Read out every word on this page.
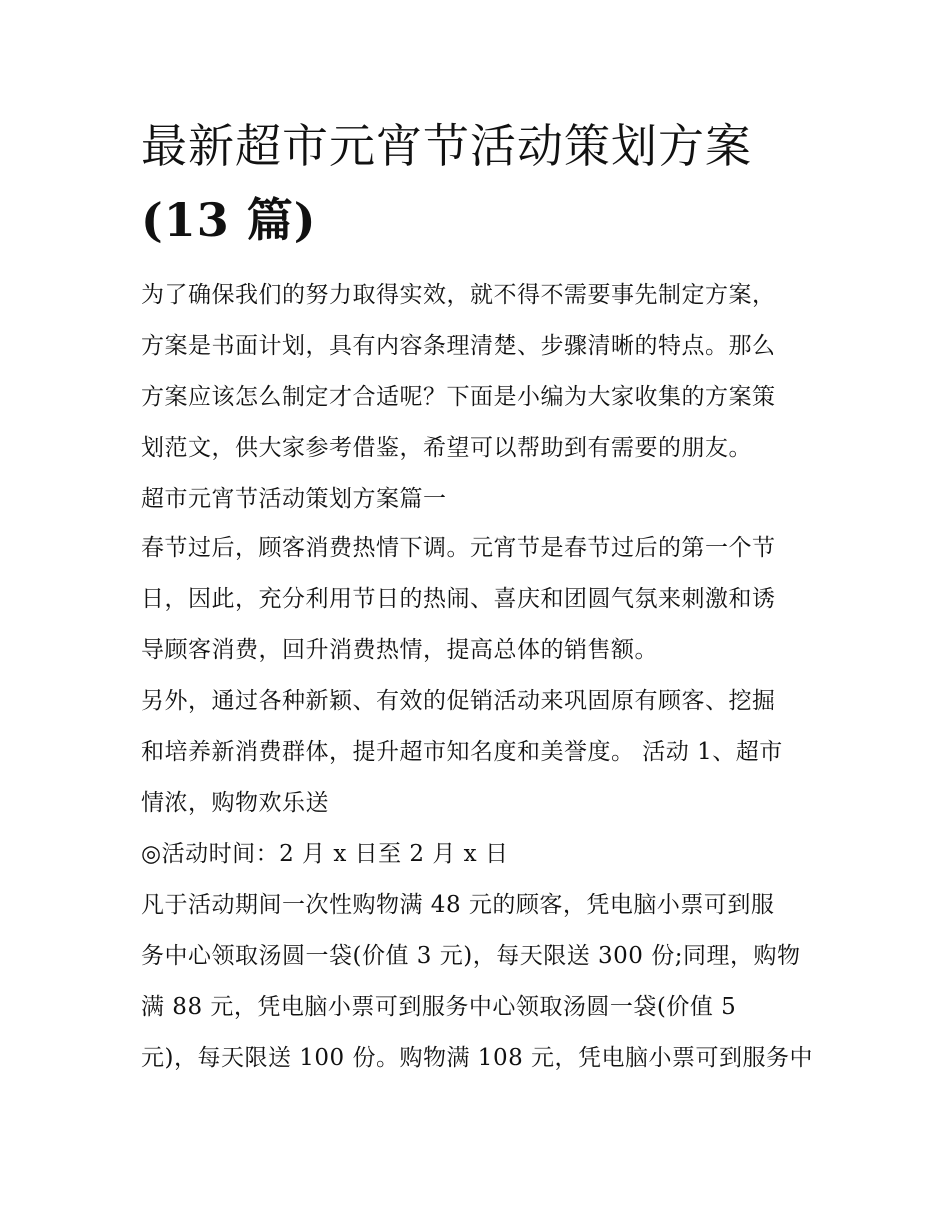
最新超市元宵节活动策划方案
(13 篇)
为了确保我们的努力取得实效，就不得不需要事先制定方案，
方案是书面计划，具有内容条理清楚、步骤清晰的特点。那么
方案应该怎么制定才合适呢？下面是小编为大家收集的方案策
划范文，供大家参考借鉴，希望可以帮助到有需要的朋友。
超市元宵节活动策划方案篇一
春节过后，顾客消费热情下调。元宵节是春节过后的第一个节
日，因此，充分利用节日的热闹、喜庆和团圆气氛来刺激和诱
导顾客消费，回升消费热情，提高总体的销售额。
另外，通过各种新颖、有效的促销活动来巩固原有顾客、挖掘
和培养新消费群体，提升超市知名度和美誉度。 活动 1、超市
情浓，购物欢乐送
◎活动时间：2 月 x 日至 2 月 x 日
凡于活动期间一次性购物满 48 元的顾客，凭电脑小票可到服
务中心领取汤圆一袋(价值 3 元)，每天限送 300 份;同理，购物
满 88 元，凭电脑小票可到服务中心领取汤圆一袋(价值 5
元)，每天限送 100 份。购物满 108 元，凭电脑小票可到服务中
